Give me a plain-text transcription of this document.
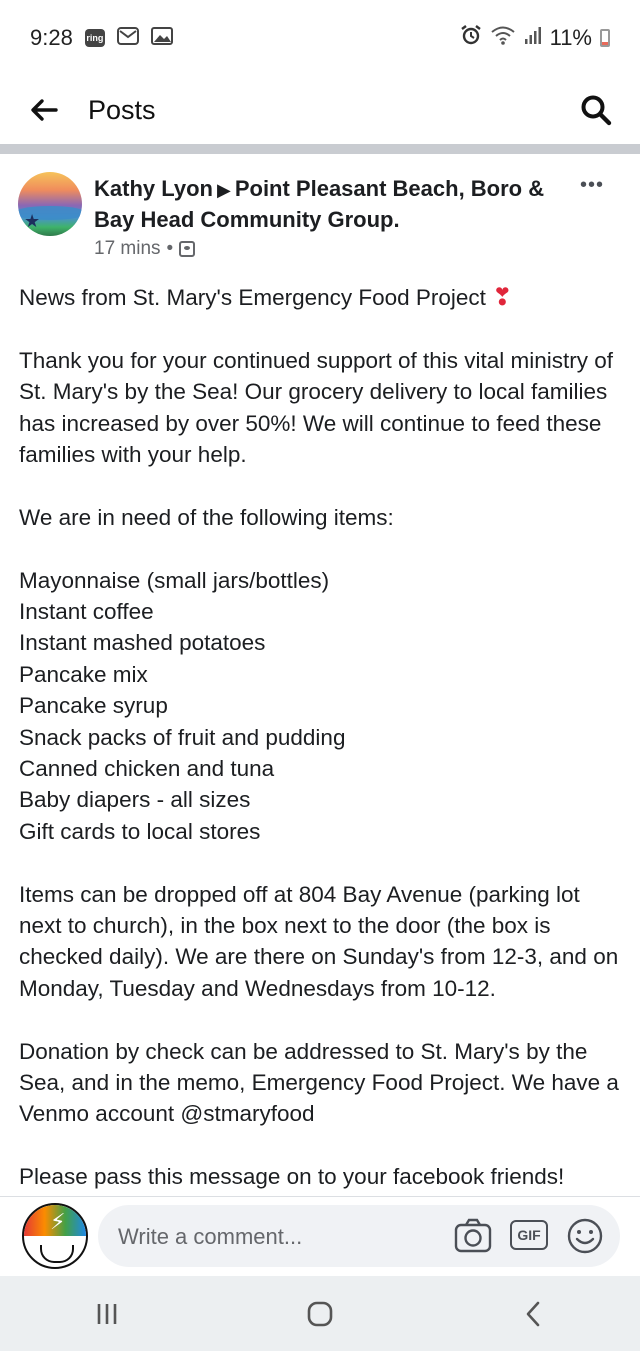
9:28 ring	11%
Posts
★
Kathy Lyon ▶ Point Pleasant Beach, Boro & Bay Head Community Group.
17 mins •
•••

News from St. Mary's Emergency Food Project ❣

Thank you for your continued support of this vital ministry of St. Mary's by the Sea! Our grocery delivery to local families has increased by over 50%! We will continue to feed these families with your help.

We are in need of the following items:

Mayonnaise (small jars/bottles)

Instant coffee

Instant mashed potatoes

Pancake mix

Pancake syrup

Snack packs of fruit and pudding

Canned chicken and tuna

Baby diapers - all sizes

Gift cards to local stores

Items can be dropped off at 804 Bay Avenue (parking lot next to church), in the box next to the door (the box is checked daily). We are there on Sunday's from 12-3, and on Monday, Tuesday and Wednesdays from 10-12.

Donation by check can be addressed to St. Mary's by the Sea, and in the memo, Emergency Food Project. We have a Venmo account @stmaryfood

Please pass this message on to your facebook friends!

⚡
Write a comment...
GIF
